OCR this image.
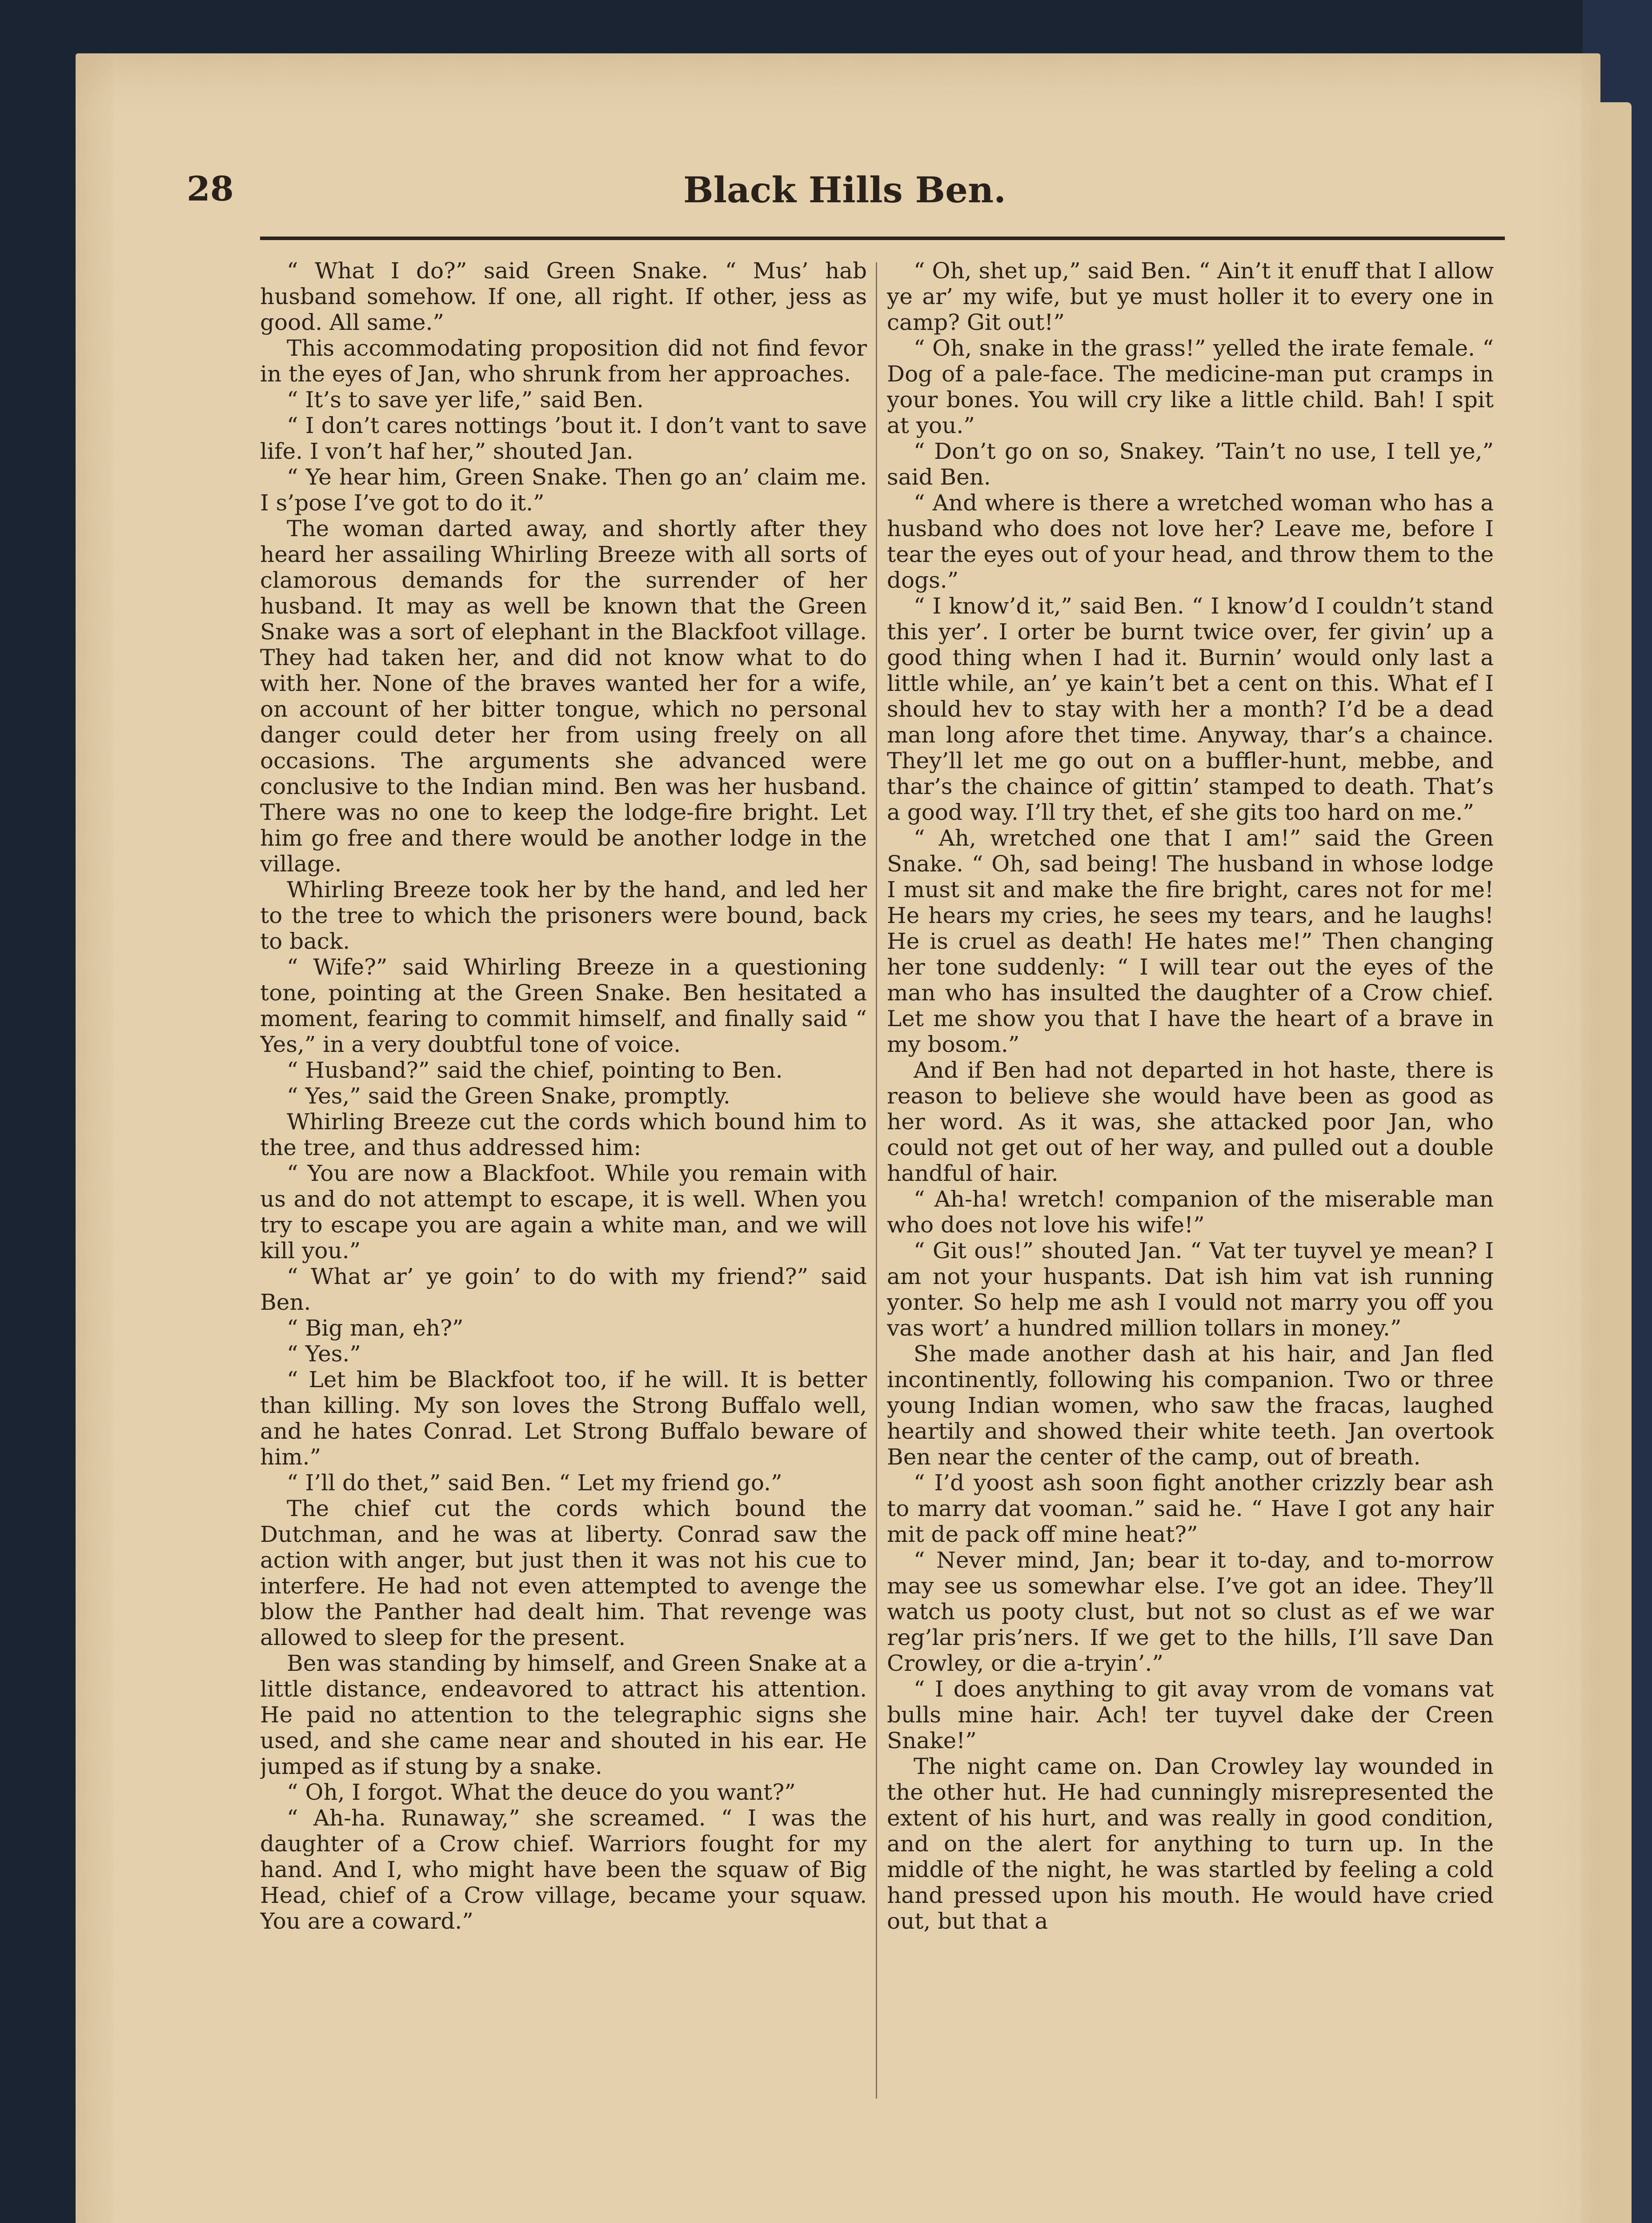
28	Black Hills Ben.

“ What I do?” said Green Snake. “ Mus’ hab husband somehow. If one, all right. If other, jess as good. All same.”

This accommodating proposition did not find fevor in the eyes of Jan, who shrunk from her approaches.

“ It’s to save yer life,” said Ben.

“ I don’t cares nottings ’bout it. I don’t vant to save life. I von’t haf her,” shouted Jan.

“ Ye hear him, Green Snake. Then go an’ claim me. I s’pose I’ve got to do it.”

The woman darted away, and shortly after they heard her assailing Whirling Breeze with all sorts of clamorous demands for the surrender of her husband. It may as well be known that the Green Snake was a sort of elephant in the Blackfoot village. They had taken her, and did not know what to do with her. None of the braves wanted her for a wife, on account of her bitter tongue, which no personal danger could deter her from using freely on all occasions. The arguments she advanced were conclusive to the Indian mind. Ben was her husband. There was no one to keep the lodge-fire bright. Let him go free and there would be another lodge in the village.

Whirling Breeze took her by the hand, and led her to the tree to which the prisoners were bound, back to back.

“ Wife?” said Whirling Breeze in a questioning tone, pointing at the Green Snake. Ben hesitated a moment, fearing to commit himself, and finally said “ Yes,” in a very doubtful tone of voice.

“ Husband?” said the chief, pointing to Ben.

“ Yes,” said the Green Snake, promptly.

Whirling Breeze cut the cords which bound him to the tree, and thus addressed him:

“ You are now a Blackfoot. While you remain with us and do not attempt to escape, it is well. When you try to escape you are again a white man, and we will kill you.”

“ What ar’ ye goin’ to do with my friend?” said Ben.

“ Big man, eh?”

“ Yes.”

“ Let him be Blackfoot too, if he will. It is better than killing. My son loves the Strong Buffalo well, and he hates Conrad. Let Strong Buffalo beware of him.”

“ I’ll do thet,” said Ben. “ Let my friend go.”

The chief cut the cords which bound the Dutchman, and he was at liberty. Conrad saw the action with anger, but just then it was not his cue to interfere. He had not even attempted to avenge the blow the Panther had dealt him. That revenge was allowed to sleep for the present.

Ben was standing by himself, and Green Snake at a little distance, endeavored to attract his attention. He paid no attention to the telegraphic signs she used, and she came near and shouted in his ear. He jumped as if stung by a snake.

“ Oh, I forgot. What the deuce do you want?”

“ Ah-ha. Runaway,” she screamed. “ I was the daughter of a Crow chief. Warriors fought for my hand. And I, who might have been the squaw of Big Head, chief of a Crow village, became your squaw. You are a coward.”

“ Oh, shet up,” said Ben. “ Ain’t it enuff that I allow ye ar’ my wife, but ye must holler it to every one in camp? Git out!”

“ Oh, snake in the grass!” yelled the irate female. “ Dog of a pale-face. The medicine-man put cramps in your bones. You will cry like a little child. Bah! I spit at you.”

“ Don’t go on so, Snakey. ’Tain’t no use, I tell ye,” said Ben.

“ And where is there a wretched woman who has a husband who does not love her? Leave me, before I tear the eyes out of your head, and throw them to the dogs.”

“ I know’d it,” said Ben. “ I know’d I couldn’t stand this yer’. I orter be burnt twice over, fer givin’ up a good thing when I had it. Burnin’ would only last a little while, an’ ye kain’t bet a cent on this. What ef I should hev to stay with her a month? I’d be a dead man long afore thet time. Anyway, thar’s a chaince. They’ll let me go out on a buffler-hunt, mebbe, and thar’s the chaince of gittin’ stamped to death. That’s a good way. I’ll try thet, ef she gits too hard on me.”

“ Ah, wretched one that I am!” said the Green Snake. “ Oh, sad being! The husband in whose lodge I must sit and make the fire bright, cares not for me! He hears my cries, he sees my tears, and he laughs! He is cruel as death! He hates me!” Then changing her tone suddenly: “ I will tear out the eyes of the man who has insulted the daughter of a Crow chief. Let me show you that I have the heart of a brave in my bosom.”

And if Ben had not departed in hot haste, there is reason to believe she would have been as good as her word. As it was, she attacked poor Jan, who could not get out of her way, and pulled out a double handful of hair.

“ Ah-ha! wretch! companion of the miserable man who does not love his wife!”

“ Git ous!” shouted Jan. “ Vat ter tuyvel ye mean? I am not your huspants. Dat ish him vat ish running yonter. So help me ash I vould not marry you off you vas wort’ a hundred million tollars in money.”

She made another dash at his hair, and Jan fled incontinently, following his companion. Two or three young Indian women, who saw the fracas, laughed heartily and showed their white teeth. Jan overtook Ben near the center of the camp, out of breath.

“ I’d yoost ash soon fight another crizzly bear ash to marry dat vooman.” said he. “ Have I got any hair mit de pack off mine heat?”

“ Never mind, Jan; bear it to-day, and to-morrow may see us somewhar else. I’ve got an idee. They’ll watch us pooty clust, but not so clust as ef we war reg’lar pris’ners. If we get to the hills, I’ll save Dan Crowley, or die a-tryin’.”

“ I does anything to git avay vrom de vomans vat bulls mine hair. Ach! ter tuyvel dake der Creen Snake!”

The night came on. Dan Crowley lay wounded in the other hut. He had cunningly misrepresented the extent of his hurt, and was really in good condition, and on the alert for anything to turn up. In the middle of the night, he was startled by feeling a cold hand pressed upon his mouth. He would have cried out, but that a
